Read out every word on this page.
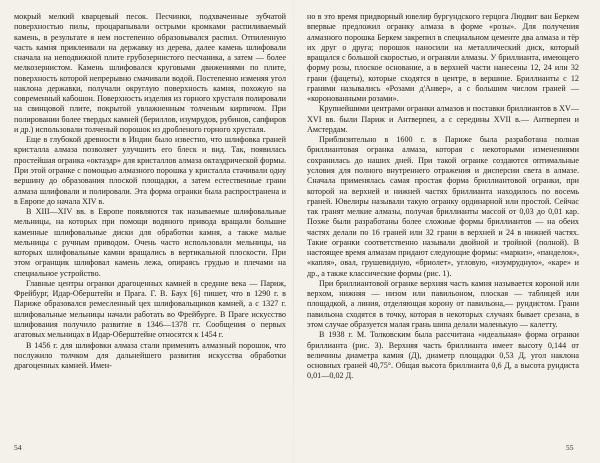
мокрый мелкий кварцевый песок. Песчинки, подхваченные зубчатой поверхностью пилы, процарапывали острыми кромками распиливаемый камень, в результате я нем постепенно образовывался распил. Отпиленную часть камня приклеивали на державку из дерева, далее камень шлифовали сначала на неподвижной плите грубозернистого песчаника, а затем — более мелкозернистом. Камень шлифовался круговыми движениями по плите, поверхность которой непрерывно смачивали водой. Постепенно изменяя угол наклона державки, получали округлую поверхность камня, похожую на современный кабошон. Поверхность изделия из горного хрусталя полировали на свинцовой плите, покрытой увлажненным толченым кирпичом. При полировании более твердых камней (бериллов, изумрудов, рубинов, сапфиров и др.) использовали толченый порошок из дробленого горного хрусталя.

Еще в глубокой древности в Индии было известно, что шлифовка граней кристалла алмаза позволяет улучшить его блеск и вид. Так, появилась простейшая огранка «октаэдр» для кристаллов алмаза октаэдрической формы. При этой огранке с помощью алмазного порошка у кристалла стачивали одну вершину до образования плоской площадки, а затем естественные грани алмаза шлифовали и полировали. Эта форма огранки была распространена и в Европе до начала XIV в.

В XIII—XIV вв. в Европе появляются так называемые шлифовальные мельницы, на которых при помощи водяного привода вращали большие каменные шлифовальные диски для обработки камня, а также малые мельницы с ручным приводом. Очень часто использовали мельницы, на которых шлифовальные камни вращались в вертикальной плоскости. При этом огранщик шлифовал камень лежа, опираясь грудью и плечами на специальное устройство.

Главные центры огранки драгоценных камней в средние века — Париж, Фрейбург, Идар-Оберштейн и Прага. Г. В. Баух [6] пишет, что в 1290 г. в Париже образовался ремесленный цех шлифовальщиков камней, а с 1327 г. шлифовальные мельницы начали работать во Фрейбурге. В Праге искусство шлифования получило развитие в 1346—1378 гг. Сообщения о первых агатовых мельницах в Идар-Оберштейне относятся к 1454 г.

В 1456 г. для шлифовки алмаза стали применять алмазный порошок, что послужило толчком для дальнейшего развития искусства обработки драгоценных камней. Имен-

54

но в это время придворный ювелир бургундского герцога Людвиг ван Беркем впервые предложил огранку алмаза в форме «розы». Для получения алмазного порошка Беркем закрепил в специальном цементе два алмаза и тёр их друг о друга; порошок наносили на металлический диск, который вращался с большой скоростью, и ограняли алмазы. У бриллианта, имеющего форму розы, плоское основание, а в верхней части нанесены 12, 24 или 32 грани (фацеты), которые сходятся в центре, в вершине. Бриллианты с 12 гранями назывались «Розами д'Анвер», а с большим числом граней — «коронованными розами».

Крупнейшими центрами огранки алмазов и поставки бриллиантов в XV—XVI вв. были Париж и Антверпен, а с середины XVII в.— Антверпен и Амстердам.

Приблизительно в 1600 г. в Париже была разработана полная бриллиантовая огранка алмаза, которая с некоторыми изменениями сохранилась до наших дней. При такой огранке создаются оптимальные условия для полного внутреннего отражения и дисперсии света в алмазе. Сначала применялась самая простая форма бриллиантовой огранки, при которой на верхней и нижней частях бриллианта находилось по восемь граней. Ювелиры называли такую огранку ординарной или простой. Сейчас так гранят мелкие алмазы, получая бриллианты массой от 0,03 до 0,01 кар. Позже были разработаны более сложные формы бриллиантов — на обеих частях делали по 16 граней или 32 грани в верхней и 24 в нижней частях. Такие огранки соответственно называли двойной и тройной (полной). В настоящее время алмазам придают следующие формы: «маркиз», «панделок», «капля», овал, грушевидную, «бриолет», угловую, «изумрудную», «каре» и др., а также классические формы (рис. 1).

При бриллиантовой огранке верхняя часть камня называется короной или верхом, нижняя — низом или павильоном, плоская — таблицей или площадкой, а линия, отделяющая корону от павильона,— рундистом. Грани павильона сходятся в точку, которая в некоторых случаях бывает срезана, в этом случае образуется малая грань шипа делали маленькую — калетту.

В 1938 г. М. Толковским была рассчитана «идеальная» форма огранки бриллианта (рис. 3). Верхняя часть бриллианта имеет высоту 0,144 от величины диаметра камня (Д), диаметр площадки 0,53 Д, угол наклона основных граней 40,75°. Общая высота бриллианта 0,6 Д, а высота рундиста 0,01—0,02 Д.

55
